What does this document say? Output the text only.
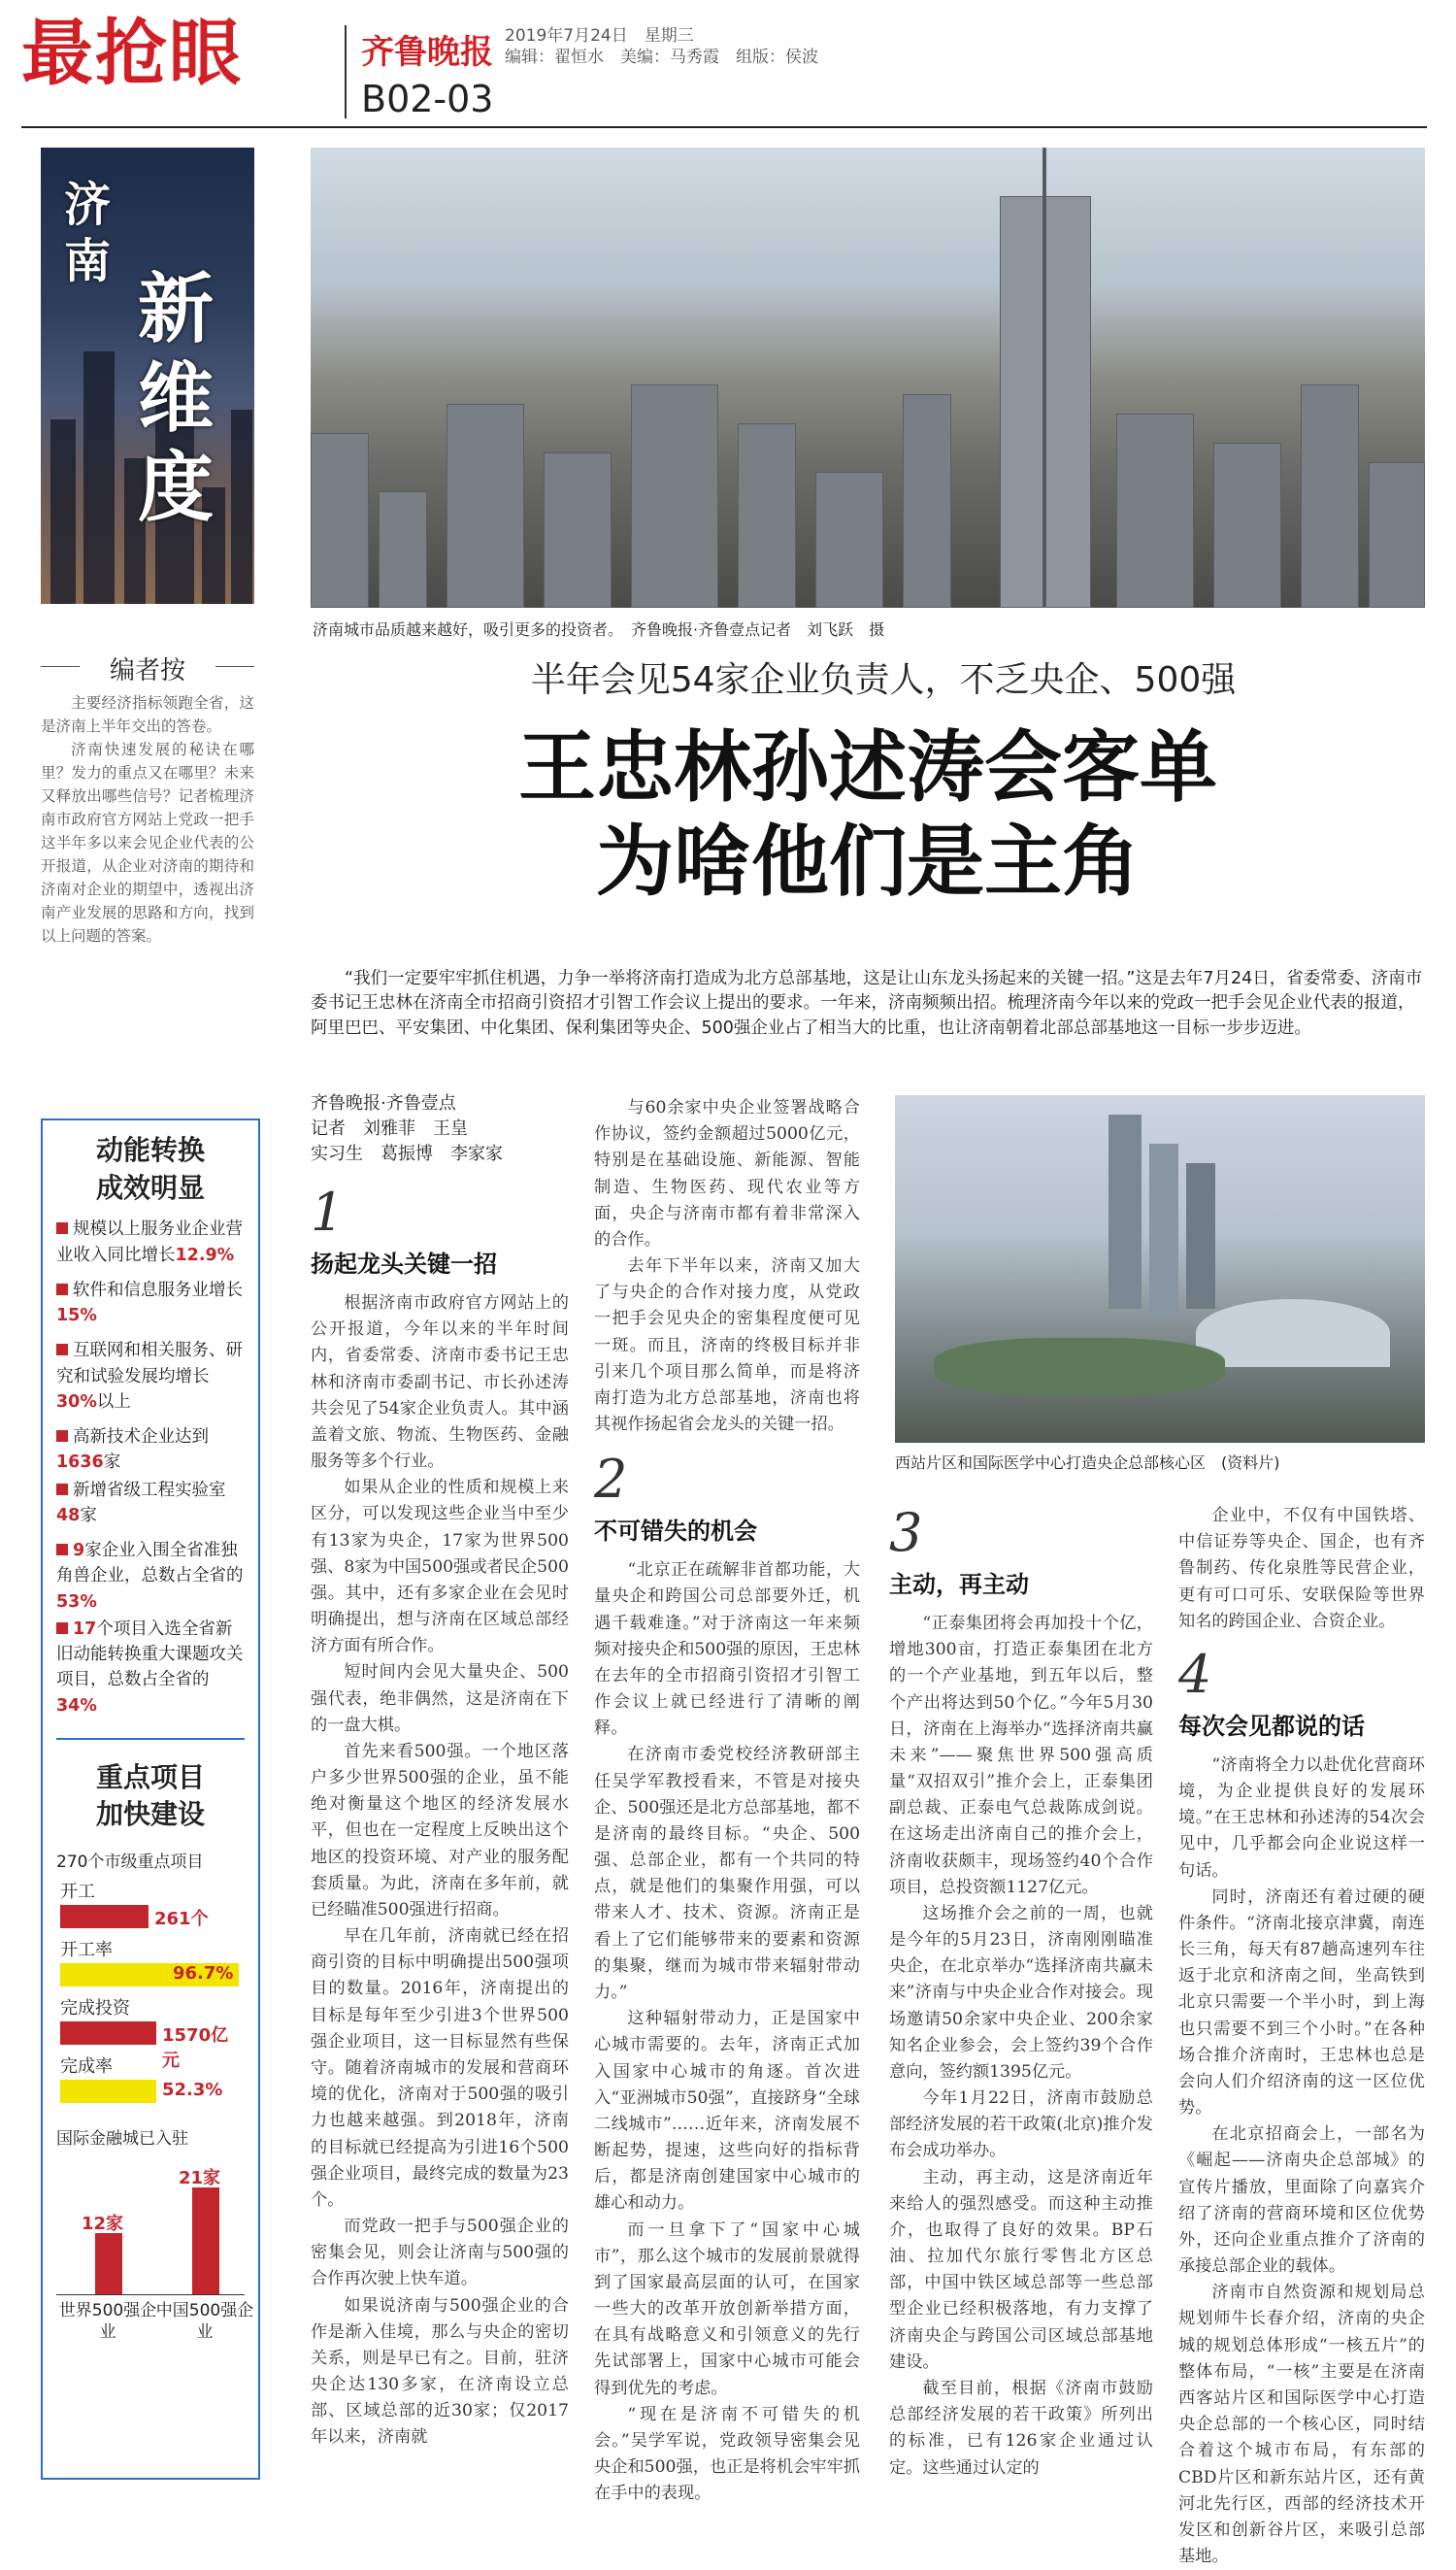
最抢眼	齐鲁晚报 2019年7月24日　星期三
编辑：翟恒水　美编：马秀霞　组版：侯波
B02-03
济
南
新
维
度
济南城市品质越来越好，吸引更多的投资者。　齐鲁晚报·齐鲁壹点记者　刘飞跃　摄
编者按

主要经济指标领跑全省，这是济南上半年交出的答卷。

济南快速发展的秘诀在哪里？发力的重点又在哪里？未来又释放出哪些信号？记者梳理济南市政府官方网站上党政一把手这半年多以来会见企业代表的公开报道，从企业对济南的期待和济南对企业的期望中，透视出济南产业发展的思路和方向，找到以上问题的答案。

动能转换
成效明显
规模以上服务业企业营业收入同比增长12.9%
软件和信息服务业增长15%
互联网和相关服务、研究和试验发展均增长30%以上
高新技术企业达到1636家
新增省级工程实验室48家
9家企业入围全省准独角兽企业，总数占全省的53%
17个项目入选全省新旧动能转换重大课题攻关项目，总数占全省的34%
重点项目
加快建设
270个市级重点项目
开工
261个
开工率
96.7%
完成投资
1570亿元
完成率
52.3%
国际金融城已入驻
12家
世界500强企业
21家
中国500强企业
半年会见54家企业负责人，不乏央企、500强
王忠林孙述涛会客单
为啥他们是主角
“我们一定要牢牢抓住机遇，力争一举将济南打造成为北方总部基地，这是让山东龙头扬起来的关键一招。”这是去年7月24日，省委常委、济南市委书记王忠林在济南全市招商引资招才引智工作会议上提出的要求。一年来，济南频频出招。梳理济南今年以来的党政一把手会见企业代表的报道，阿里巴巴、平安集团、中化集团、保利集团等央企、500强企业占了相当大的比重，也让济南朝着北部总部基地这一目标一步步迈进。
齐鲁晚报·齐鲁壹点
记者　刘雅菲　王皇
实习生　葛振博　李家家
1
扬起龙头关键一招

根据济南市政府官方网站上的公开报道，今年以来的半年时间内，省委常委、济南市委书记王忠林和济南市委副书记、市长孙述涛共会见了54家企业负责人。其中涵盖着文旅、物流、生物医药、金融服务等多个行业。

如果从企业的性质和规模上来区分，可以发现这些企业当中至少有13家为央企，17家为世界500强、8家为中国500强或者民企500强。其中，还有多家企业在会见时明确提出，想与济南在区域总部经济方面有所合作。

短时间内会见大量央企、500强代表，绝非偶然，这是济南在下的一盘大棋。

首先来看500强。一个地区落户多少世界500强的企业，虽不能绝对衡量这个地区的经济发展水平，但也在一定程度上反映出这个地区的投资环境、对产业的服务配套质量。为此，济南在多年前，就已经瞄准500强进行招商。

早在几年前，济南就已经在招商引资的目标中明确提出500强项目的数量。2016年，济南提出的目标是每年至少引进3个世界500强企业项目，这一目标显然有些保守。随着济南城市的发展和营商环境的优化，济南对于500强的吸引力也越来越强。到2018年，济南的目标就已经提高为引进16个500强企业项目，最终完成的数量为23个。

而党政一把手与500强企业的密集会见，则会让济南与500强的合作再次驶上快车道。

如果说济南与500强企业的合作是渐入佳境，那么与央企的密切关系，则是早已有之。目前，驻济央企达130多家，在济南设立总部、区域总部的近30家；仅2017年以来，济南就

与60余家中央企业签署战略合作协议，签约金额超过5000亿元，特别是在基础设施、新能源、智能制造、生物医药、现代农业等方面，央企与济南市都有着非常深入的合作。

去年下半年以来，济南又加大了与央企的合作对接力度，从党政一把手会见央企的密集程度便可见一斑。而且，济南的终极目标并非引来几个项目那么简单，而是将济南打造为北方总部基地，济南也将其视作扬起省会龙头的关键一招。

2
不可错失的机会

“北京正在疏解非首都功能，大量央企和跨国公司总部要外迁，机遇千载难逢。”对于济南这一年来频频对接央企和500强的原因，王忠林在去年的全市招商引资招才引智工作会议上就已经进行了清晰的阐释。

在济南市委党校经济教研部主任吴学军教授看来，不管是对接央企、500强还是北方总部基地，都不是济南的最终目标。“央企、500强、总部企业，都有一个共同的特点，就是他们的集聚作用强，可以带来人才、技术、资源。济南正是看上了它们能够带来的要素和资源的集聚，继而为城市带来辐射带动力。”

这种辐射带动力，正是国家中心城市需要的。去年，济南正式加入国家中心城市的角逐。首次进入“亚洲城市50强”，直接跻身“全球二线城市”……近年来，济南发展不断起势，提速，这些向好的指标背后，都是济南创建国家中心城市的雄心和动力。

而一旦拿下了“国家中心城市”，那么这个城市的发展前景就得到了国家最高层面的认可，在国家一些大的改革开放创新举措方面，在具有战略意义和引领意义的先行先试部署上，国家中心城市可能会得到优先的考虑。

“现在是济南不可错失的机会。”吴学军说，党政领导密集会见央企和500强，也正是将机会牢牢抓在手中的表现。

西站片区和国际医学中心打造央企总部核心区　(资料片)
3
主动，再主动

“正泰集团将会再加投十个亿，增地300亩，打造正泰集团在北方的一个产业基地，到五年以后，整个产出将达到50个亿。”今年5月30日，济南在上海举办“选择济南共赢未来”——聚焦世界500强高质量“双招双引”推介会上，正泰集团副总裁、正泰电气总裁陈成剑说。在这场走出济南自己的推介会上，济南收获颇丰，现场签约40个合作项目，总投资额1127亿元。

这场推介会之前的一周，也就是今年的5月23日，济南刚刚瞄准央企，在北京举办“选择济南共赢未来”济南与中央企业合作对接会。现场邀请50余家中央企业、200余家知名企业参会，会上签约39个合作意向，签约额1395亿元。

今年1月22日，济南市鼓励总部经济发展的若干政策(北京)推介发布会成功举办。

主动，再主动，这是济南近年来给人的强烈感受。而这种主动推介，也取得了良好的效果。BP石油、拉加代尔旅行零售北方区总部，中国中铁区域总部等一些总部型企业已经积极落地，有力支撑了济南央企与跨国公司区域总部基地建设。

截至目前，根据《济南市鼓励总部经济发展的若干政策》所列出的标准，已有126家企业通过认定。这些通过认定的

企业中，不仅有中国铁塔、中信证券等央企、国企，也有齐鲁制药、传化泉胜等民营企业，更有可口可乐、安联保险等世界知名的跨国企业、合资企业。

4
每次会见都说的话

“济南将全力以赴优化营商环境，为企业提供良好的发展环境。”在王忠林和孙述涛的54次会见中，几乎都会向企业说这样一句话。

同时，济南还有着过硬的硬件条件。“济南北接京津冀，南连长三角，每天有87趟高速列车往返于北京和济南之间，坐高铁到北京只需要一个半小时，到上海也只需要不到三个小时。”在各种场合推介济南时，王忠林也总是会向人们介绍济南的这一区位优势。

在北京招商会上，一部名为《崛起——济南央企总部城》的宣传片播放，里面除了向嘉宾介绍了济南的营商环境和区位优势外，还向企业重点推介了济南的承接总部企业的载体。

济南市自然资源和规划局总规划师牛长春介绍，济南的央企城的规划总体形成“一核五片”的整体布局，“一核”主要是在济南西客站片区和国际医学中心打造央企总部的一个核心区，同时结合着这个城市布局，有东部的CBD片区和新东站片区，还有黄河北先行区，西部的经济技术开发区和创新谷片区，来吸引总部基地。
